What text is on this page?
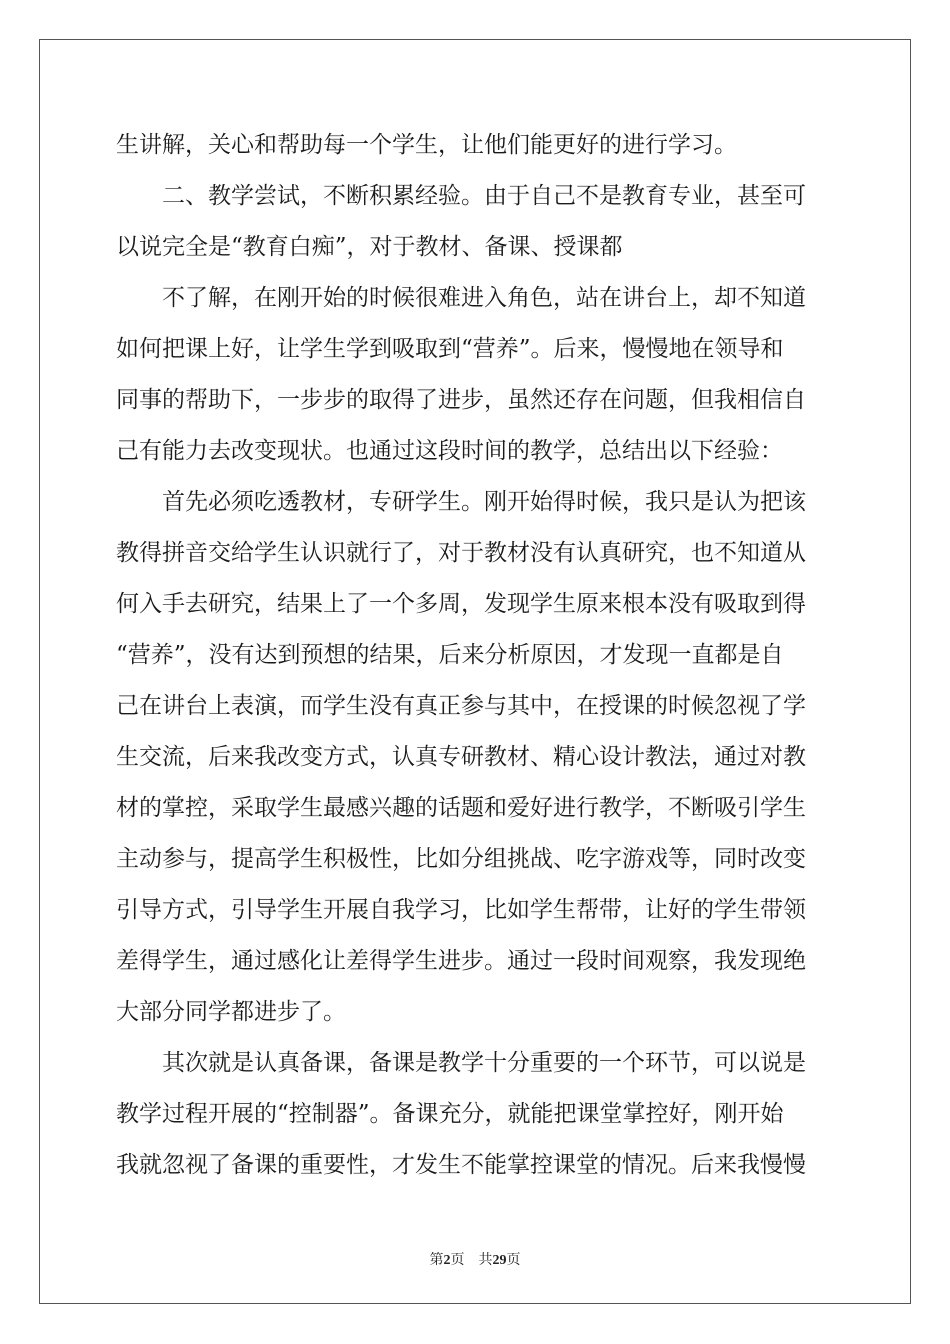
生讲解，关心和帮助每一个学生，让他们能更好的进行学习。
　　二、教学尝试，不断积累经验。由于自己不是教育专业，甚至可
以说完全是“教育白痴”，对于教材、备课、授课都
　　不了解，在刚开始的时候很难进入角色，站在讲台上，却不知道
如何把课上好，让学生学到吸取到“营养”。后来，慢慢地在领导和
同事的帮助下，一步步的取得了进步，虽然还存在问题，但我相信自
己有能力去改变现状。也通过这段时间的教学，总结出以下经验：
　　首先必须吃透教材，专研学生。刚开始得时候，我只是认为把该
教得拼音交给学生认识就行了，对于教材没有认真研究，也不知道从
何入手去研究，结果上了一个多周，发现学生原来根本没有吸取到得
“营养”，没有达到预想的结果，后来分析原因，才发现一直都是自
己在讲台上表演，而学生没有真正参与其中，在授课的时候忽视了学
生交流，后来我改变方式，认真专研教材、精心设计教法，通过对教
材的掌控，采取学生最感兴趣的话题和爱好进行教学，不断吸引学生
主动参与，提高学生积极性，比如分组挑战、吃字游戏等，同时改变
引导方式，引导学生开展自我学习，比如学生帮带，让好的学生带领
差得学生，通过感化让差得学生进步。通过一段时间观察，我发现绝
大部分同学都进步了。
　　其次就是认真备课，备课是教学十分重要的一个环节，可以说是
教学过程开展的“控制器”。备课充分，就能把课堂掌控好，刚开始
我就忽视了备课的重要性，才发生不能掌控课堂的情况。后来我慢慢
第2页 共29页
